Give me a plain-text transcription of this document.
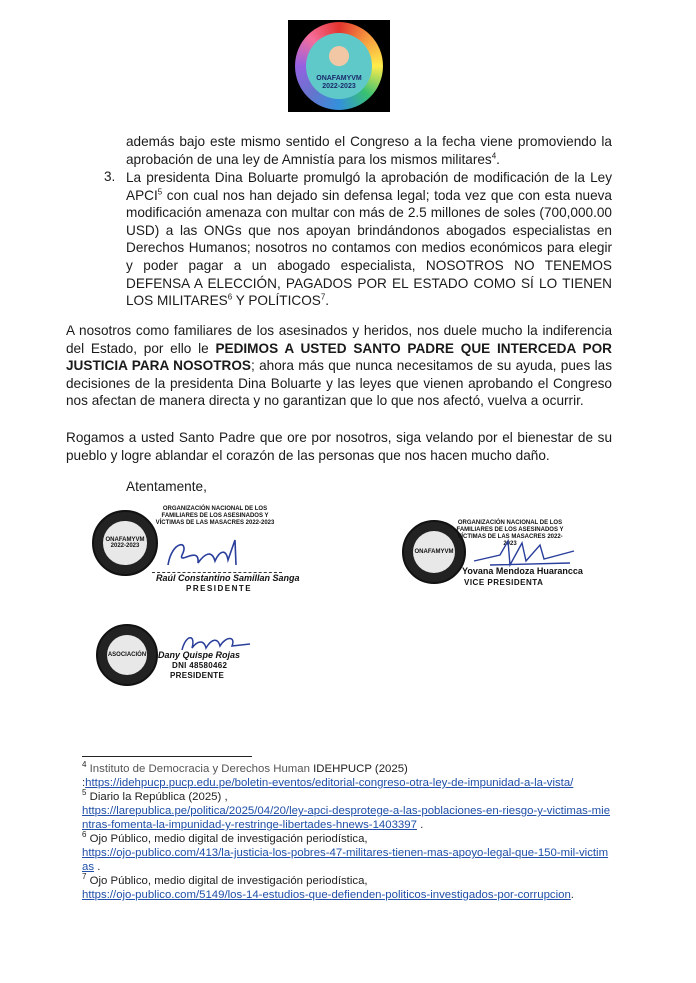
ONAFAMYVM
2022-2023
además bajo este mismo sentido el Congreso a la fecha viene promoviendo la aprobación de una ley de Amnistía para los mismos militares$^4$.
3. La presidenta Dina Boluarte promulgó la aprobación de modificación de la Ley APCI$^5$ con cual nos han dejado sin defensa legal; toda vez que con esta nueva modificación amenaza con multar con más de 2.5 millones de soles (700,000.00 USD) a las ONGs que nos apoyan brindándonos abogados especialistas en Derechos Humanos; nosotros no contamos con medios económicos para elegir y poder pagar a un abogado especialista, NOSOTROS NO TENEMOS DEFENSA A ELECCIÓN, PAGADOS POR EL ESTADO COMO SÍ LO TIENEN LOS MILITARES$^6$ Y POLÍTICOS$^7$.
A nosotros como familiares de los asesinados y heridos, nos duele mucho la indiferencia del Estado, por ello le PEDIMOS A USTED SANTO PADRE QUE INTERCEDA POR JUSTICIA PARA NOSOTROS; ahora más que nunca necesitamos de su ayuda, pues las decisiones de la presidenta Dina Boluarte y las leyes que vienen aprobando el Congreso nos afectan de manera directa y no garantizan que lo que nos afectó, vuelva a ocurrir.
Rogamos a usted Santo Padre que ore por nosotros, siga velando por el bienestar de su pueblo y logre ablandar el corazón de las personas que nos hacen mucho daño.
Atentamente,
ONAFAMYVM 2022-2023
ORGANIZACIÓN NACIONAL DE LOS FAMILIARES DE LOS ASESINADOS Y VÍCTIMAS DE LAS MASACRES 2022-2023
Raúl Constantino Samillan Sanga
PRESIDENTE
ONAFAMYVM
ORGANIZACIÓN NACIONAL DE LOS FAMILIARES DE LOS ASESINADOS Y VÍCTIMAS DE LAS MASACRES 2022-2023
Yovana Mendoza Huarancca
VICE PRESIDENTA
ASOCIACIÓN Dany Quispe Rojas
DNI 48580462
PRESIDENTE
$^4$ Instituto de Democracia y Derechos Human IDEHPUCP (2025)
:https://idehpucp.pucp.edu.pe/boletin-eventos/editorial-congreso-otra-ley-de-impunidad-a-la-vista/
$^5$ Diario la República (2025) ,
https://larepublica.pe/politica/2025/04/20/ley-apci-desprotege-a-las-poblaciones-en-riesgo-y-victimas-mientras-fomenta-la-impunidad-y-restringe-libertades-hnews-1403397 .
$^6$ Ojo Público, medio digital de investigación periodística,
https://ojo-publico.com/413/la-justicia-los-pobres-47-militares-tienen-mas-apoyo-legal-que-150-mil-victimas .
$^7$ Ojo Público, medio digital de investigación periodística,
https://ojo-publico.com/5149/los-14-estudios-que-defienden-politicos-investigados-por-corrupcion.
